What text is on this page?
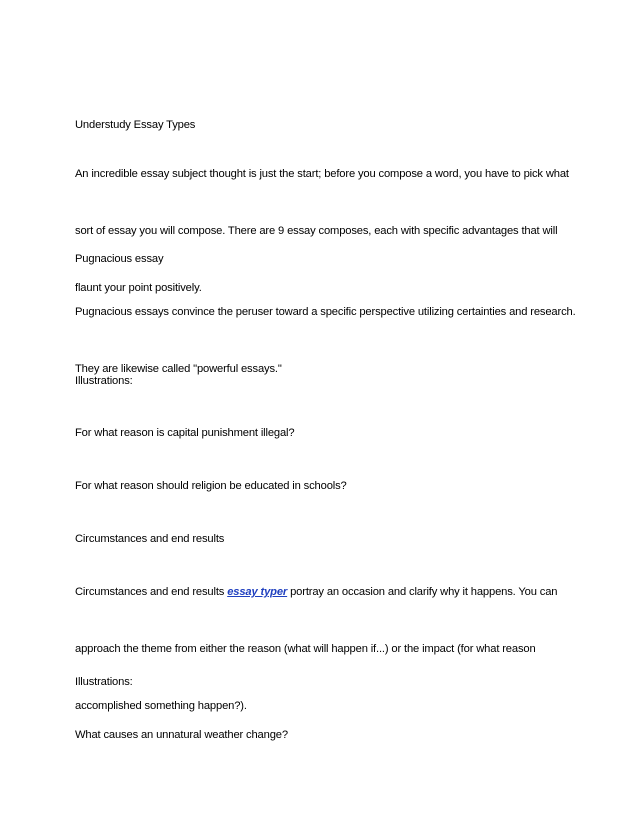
Understudy Essay Types

An incredible essay subject thought is just the start; before you compose a word, you have to pick what

sort of essay you will compose. There are 9 essay composes, each with specific advantages that will

flaunt your point positively.

Pugnacious essay

Pugnacious essays convince the peruser toward a specific perspective utilizing certainties and research.

They are likewise called "powerful essays."

Illustrations:

For what reason is capital punishment illegal?

For what reason should religion be educated in schools?

Circumstances and end results

Circumstances and end results essay typer portray an occasion and clarify why it happens. You can

approach the theme from either the reason (what will happen if...) or the impact (for what reason

accomplished something happen?).

Illustrations:

What causes an unnatural weather change?
